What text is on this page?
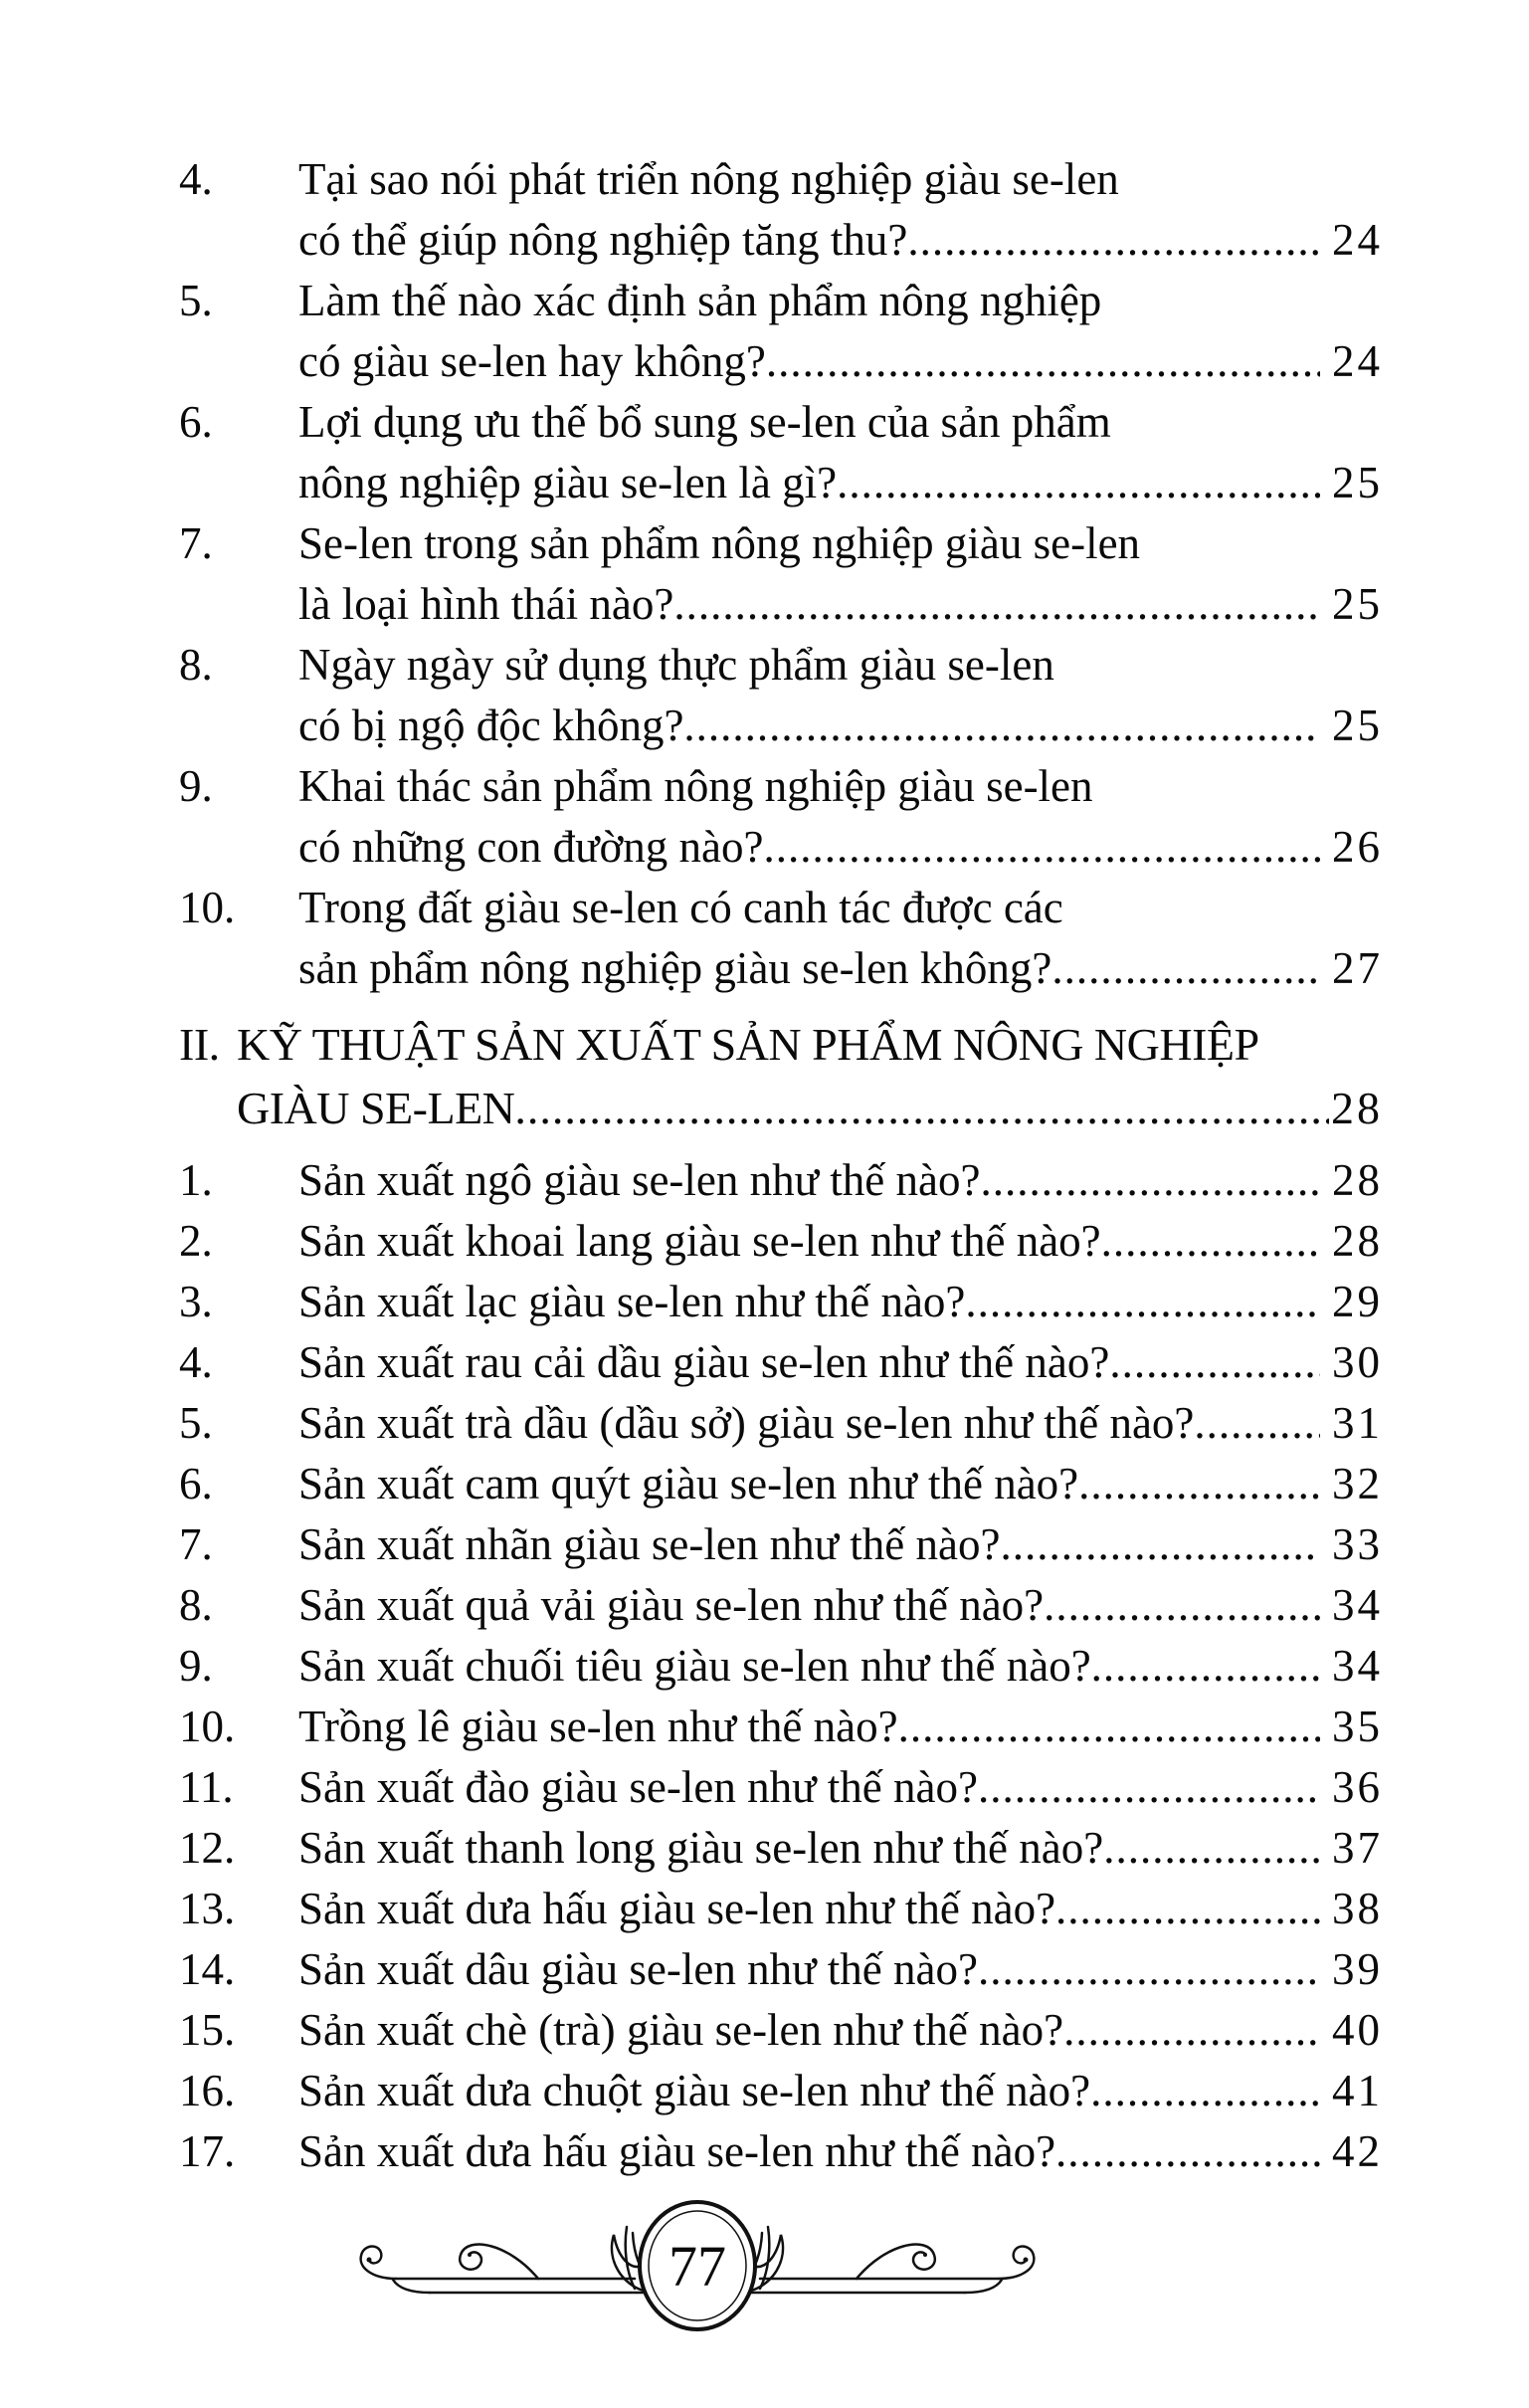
4.	Tại sao nói phát triển nông nghiệp giàu se-len
có thể giúp nông nghiệp tăng thu? .....	24
5.	Làm thế nào xác định sản phẩm nông nghiệp
có giàu se-len hay không? .....	24
6.	Lợi dụng ưu thế bổ sung se-len của sản phẩm
nông nghiệp giàu se-len là gì? .....	25
7.	Se-len trong sản phẩm nông nghiệp giàu se-len
là loại hình thái nào? .....	25
8.	Ngày ngày sử dụng thực phẩm giàu se-len
có bị ngộ độc không? .....	25
9.	Khai thác sản phẩm nông nghiệp giàu se-len
có những con đường nào? .....	26
10.	Trong đất giàu se-len có canh tác được các
sản phẩm nông nghiệp giàu se-len không? .....	27
II. KỸ THUẬT SẢN XUẤT SẢN PHẨM NÔNG NGHIỆP
GIÀU SE-LEN .....	28
1.	Sản xuất ngô giàu se-len như thế nào? .....	28
2.	Sản xuất khoai lang giàu se-len như thế nào? .....	28
3.	Sản xuất lạc giàu se-len như thế nào? .....	29
4.	Sản xuất rau cải dầu giàu se-len như thế nào? .....	30
5.	Sản xuất trà dầu (dầu sở) giàu se-len như thế nào? .....	31
6.	Sản xuất cam quýt giàu se-len như thế nào? .....	32
7.	Sản xuất nhãn giàu se-len như thế nào? .....	33
8.	Sản xuất quả vải giàu se-len như thế nào? .....	34
9.	Sản xuất chuối tiêu giàu se-len như thế nào? .....	34
10.	Trồng lê giàu se-len như thế nào? .....	35
11.	Sản xuất đào giàu se-len như thế nào? .....	36
12.	Sản xuất thanh long giàu se-len như thế nào? .....	37
13.	Sản xuất dưa hấu giàu se-len như thế nào? .....	38
14.	Sản xuất dâu giàu se-len như thế nào? .....	39
15.	Sản xuất chè (trà) giàu se-len như thế nào? .....	40
16.	Sản xuất dưa chuột giàu se-len như thế nào? .....	41
17.	Sản xuất dưa hấu giàu se-len như thế nào? .....	42
77
